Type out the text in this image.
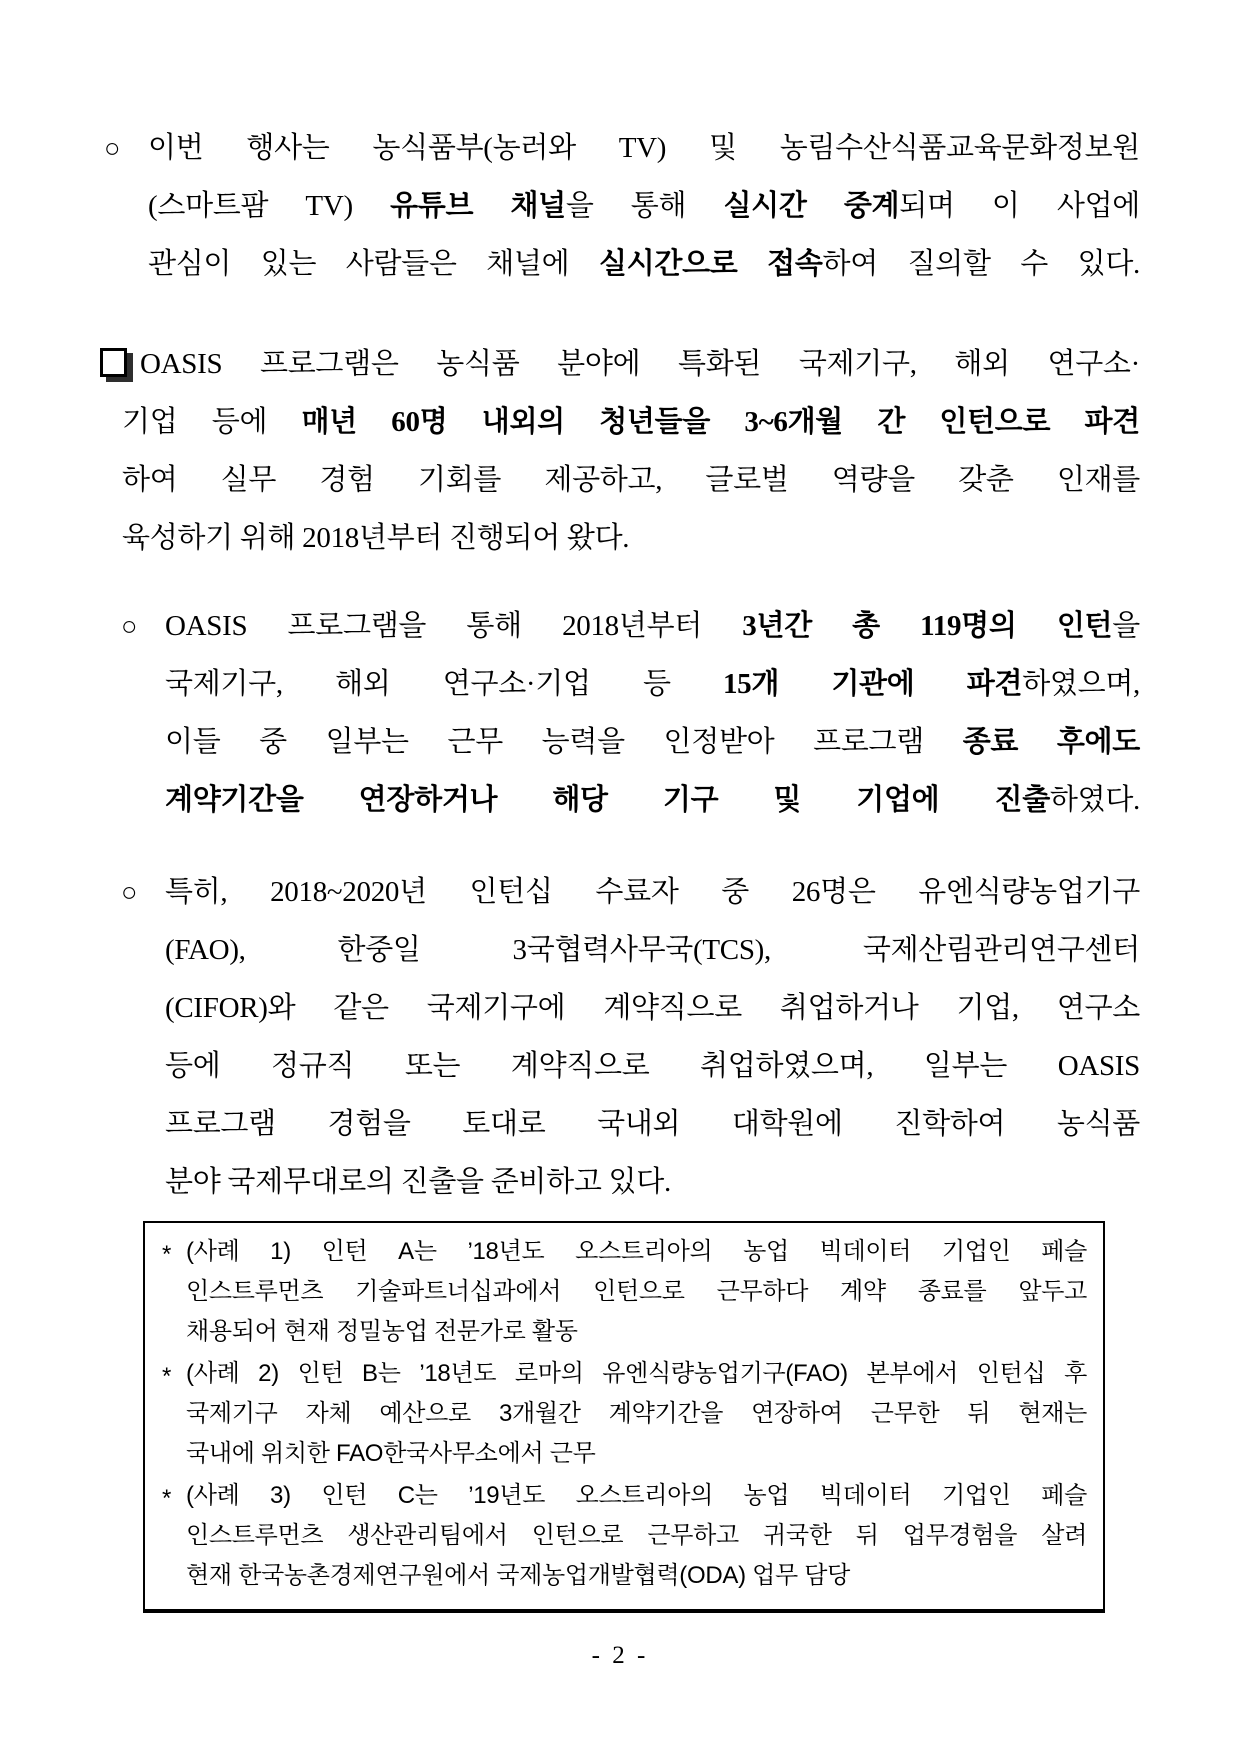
○ 이번 행사는 농식품부(농러와 TV) 및 농림수산식품교육문화정보원
(스마트팜 TV) 유튜브 채널을 통해 실시간 중계되며 이 사업에
관심이 있는 사람들은 채널에 실시간으로 접속하여 질의할 수 있다.
OASIS 프로그램은 농식품 분야에 특화된 국제기구, 해외 연구소·
기업 등에 매년 60명 내외의 청년들을 3~6개월 간 인턴으로 파견
하여 실무 경험 기회를 제공하고, 글로벌 역량을 갖춘 인재를
육성하기 위해 2018년부터 진행되어 왔다.
○ OASIS 프로그램을 통해 2018년부터 3년간 총 119명의 인턴을
국제기구, 해외 연구소·기업 등 15개 기관에 파견하였으며,
이들 중 일부는 근무 능력을 인정받아 프로그램 종료 후에도
계약기간을 연장하거나 해당 기구 및 기업에 진출하였다.
○ 특히, 2018~2020년 인턴십 수료자 중 26명은 유엔식량농업기구
(FAO), 한중일 3국협력사무국(TCS), 국제산림관리연구센터
(CIFOR)와 같은 국제기구에 계약직으로 취업하거나 기업, 연구소
등에 정규직 또는 계약직으로 취업하였으며, 일부는 OASIS
프로그램 경험을 토대로 국내외 대학원에 진학하여 농식품
분야 국제무대로의 진출을 준비하고 있다.
* (사례 1) 인턴 A는 ’18년도 오스트리아의 농업 빅데이터 기업인 페슬
인스트루먼츠 기술파트너십과에서 인턴으로 근무하다 계약 종료를 앞두고
채용되어 현재 정밀농업 전문가로 활동
* (사례 2) 인턴 B는 ’18년도 로마의 유엔식량농업기구(FAO) 본부에서 인턴십 후
국제기구 자체 예산으로 3개월간 계약기간을 연장하여 근무한 뒤 현재는
국내에 위치한 FAO한국사무소에서 근무
* (사례 3) 인턴 C는 ’19년도 오스트리아의 농업 빅데이터 기업인 페슬
인스트루먼츠 생산관리팀에서 인턴으로 근무하고 귀국한 뒤 업무경험을 살려
현재 한국농촌경제연구원에서 국제농업개발협력(ODA) 업무 담당
- 2 -
